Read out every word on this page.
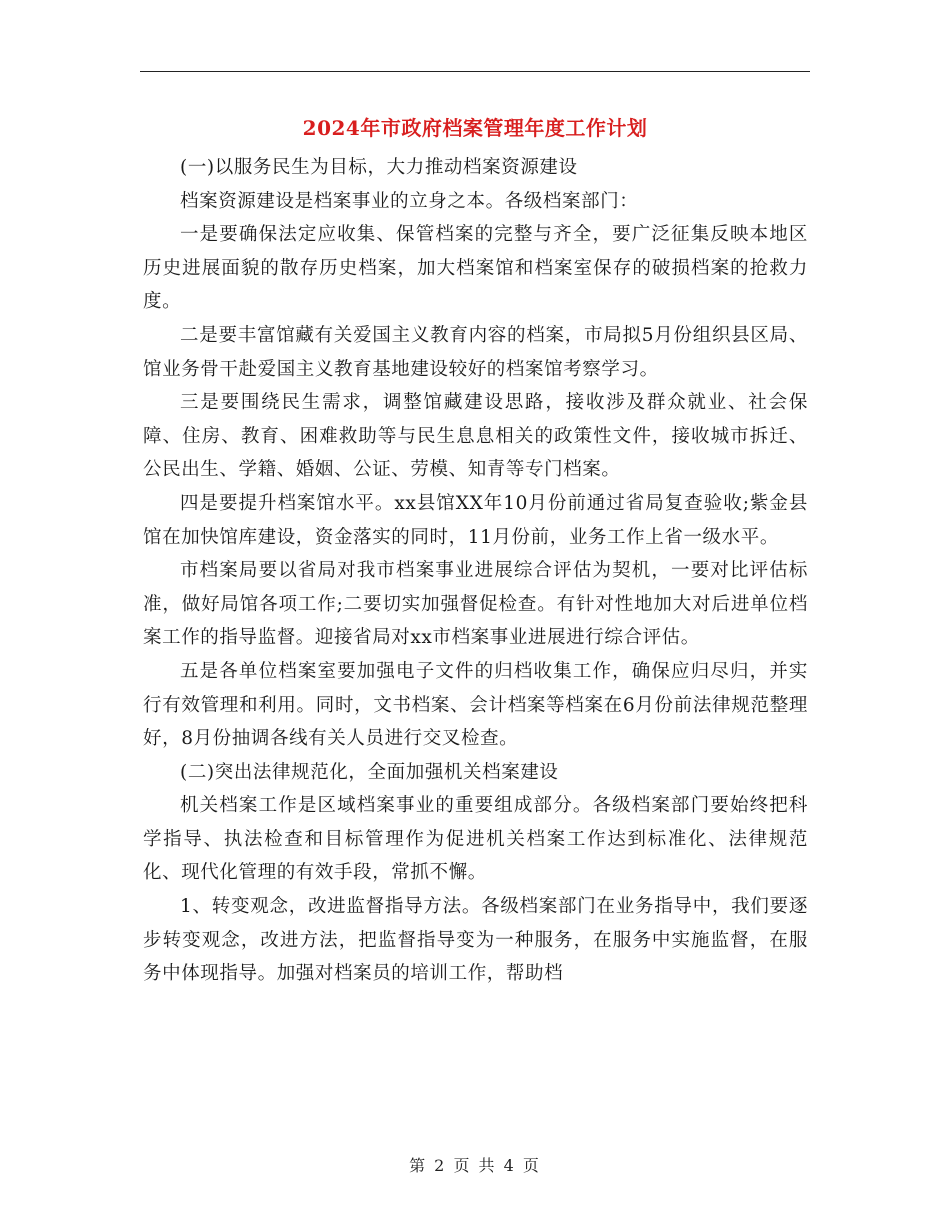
2024年市政府档案管理年度工作计划

(一)以服务民生为目标，大力推动档案资源建设

档案资源建设是档案事业的立身之本。各级档案部门：

一是要确保法定应收集、保管档案的完整与齐全，要广泛征集反映本地区历史进展面貌的散存历史档案，加大档案馆和档案室保存的破损档案的抢救力度。

二是要丰富馆藏有关爱国主义教育内容的档案，市局拟5月份组织县区局、馆业务骨干赴爱国主义教育基地建设较好的档案馆考察学习。

三是要围绕民生需求，调整馆藏建设思路，接收涉及群众就业、社会保障、住房、教育、困难救助等与民生息息相关的政策性文件，接收城市拆迁、公民出生、学籍、婚姻、公证、劳模、知青等专门档案。

四是要提升档案馆水平。xx县馆XX年10月份前通过省局复查验收;紫金县馆在加快馆库建设，资金落实的同时，11月份前，业务工作上省一级水平。

市档案局要以省局对我市档案事业进展综合评估为契机，一要对比评估标准，做好局馆各项工作;二要切实加强督促检查。有针对性地加大对后进单位档案工作的指导监督。迎接省局对xx市档案事业进展进行综合评估。

五是各单位档案室要加强电子文件的归档收集工作，确保应归尽归，并实行有效管理和利用。同时，文书档案、会计档案等档案在6月份前法律规范整理好，8月份抽调各线有关人员进行交叉检查。

(二)突出法律规范化，全面加强机关档案建设

机关档案工作是区域档案事业的重要组成部分。各级档案部门要始终把科学指导、执法检查和目标管理作为促进机关档案工作达到标准化、法律规范化、现代化管理的有效手段，常抓不懈。

1、转变观念，改进监督指导方法。各级档案部门在业务指导中，我们要逐步转变观念，改进方法，把监督指导变为一种服务，在服务中实施监督，在服务中体现指导。加强对档案员的培训工作，帮助档

第 2 页 共 4 页
